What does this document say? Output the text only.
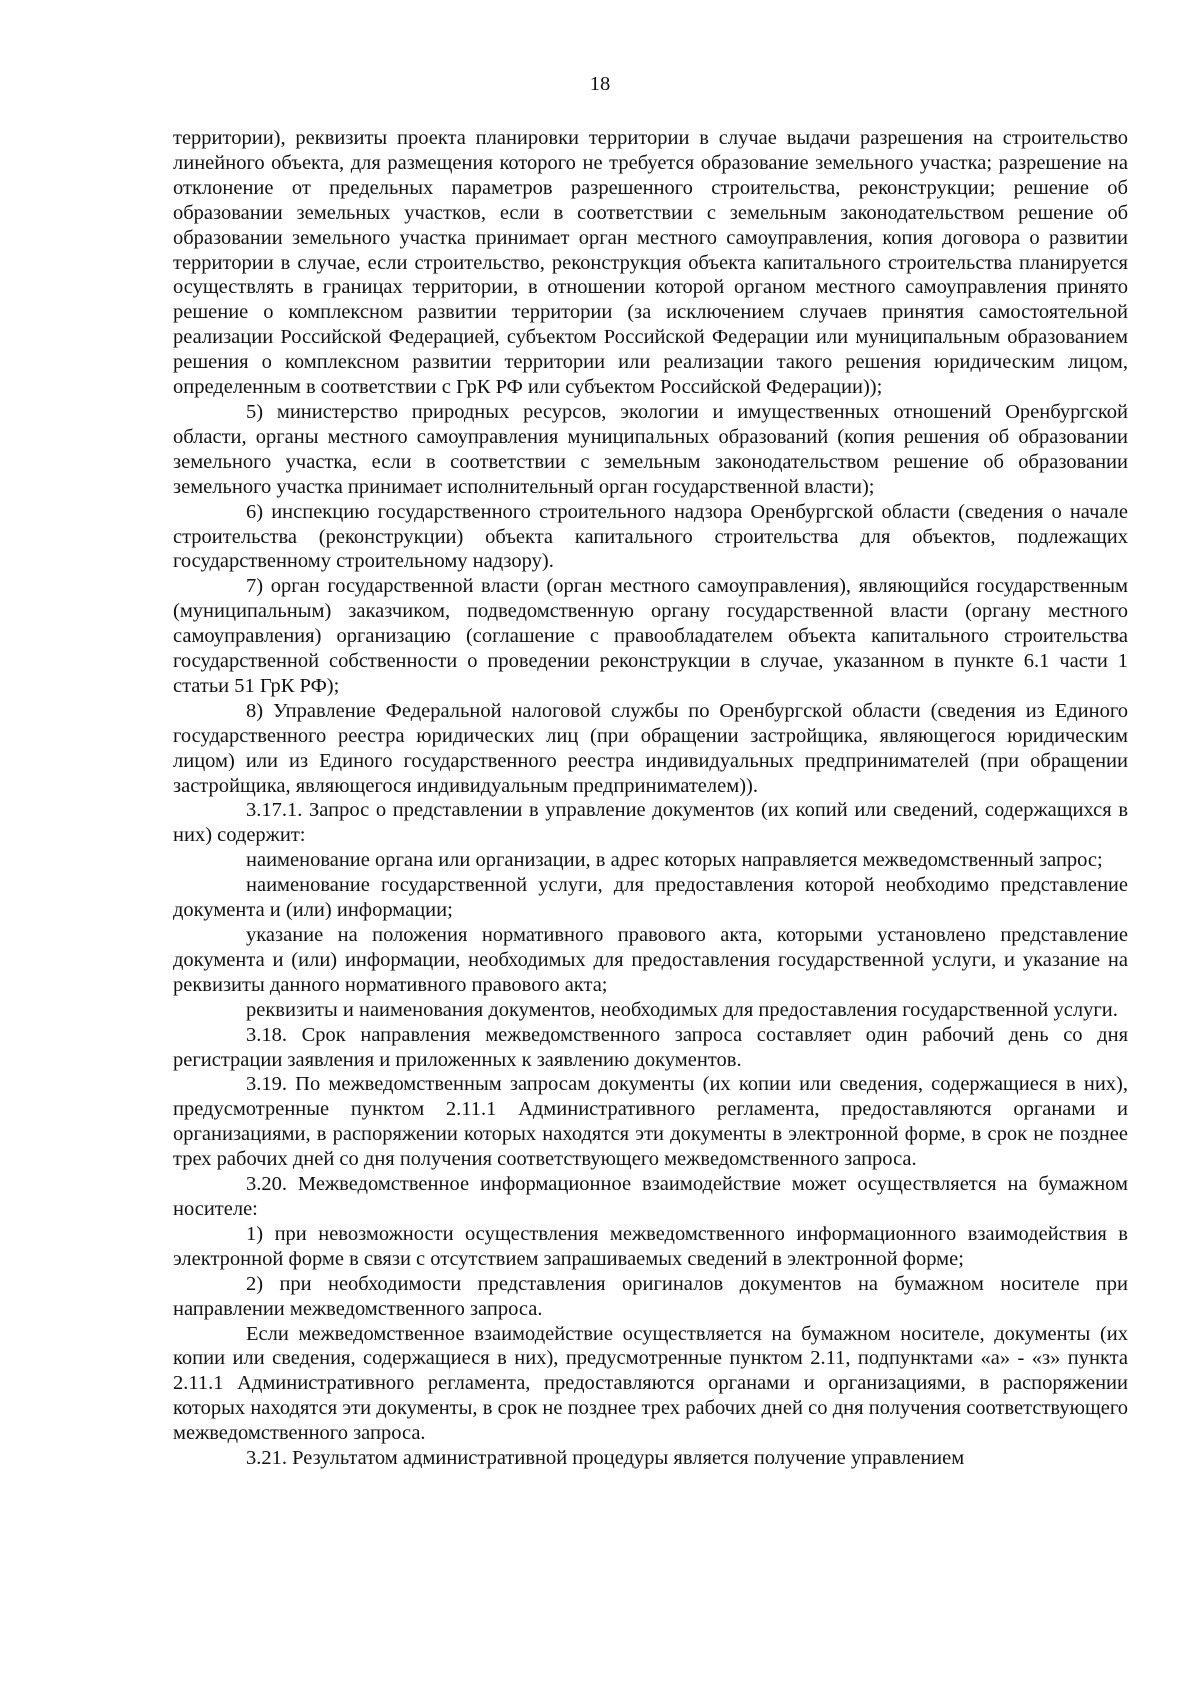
18

территории), реквизиты проекта планировки территории в случае выдачи разрешения на строительство линейного объекта, для размещения которого не требуется образование земельного участка; разрешение на отклонение от предельных параметров разрешенного строительства, реконструкции; решение об образовании земельных участков, если в соответствии с земельным законодательством решение об образовании земельного участка принимает орган местного самоуправления, копия договора о развитии территории в случае, если строительство, реконструкция объекта капитального строительства планируется осуществлять в границах территории, в отношении которой органом местного самоуправления принято решение о комплексном развитии территории (за исключением случаев принятия самостоятельной реализации Российской Федерацией, субъектом Российской Федерации или муниципальным образованием решения о комплексном развитии территории или реализации такого решения юридическим лицом, определенным в соответствии с ГрК РФ или субъектом Российской Федерации));

5) министерство природных ресурсов, экологии и имущественных отношений Оренбургской области, органы местного самоуправления муниципальных образований (копия решения об образовании земельного участка, если в соответствии с земельным законодательством решение об образовании земельного участка принимает исполнительный орган государственной власти);

6) инспекцию государственного строительного надзора Оренбургской области (сведения о начале строительства (реконструкции) объекта капитального строительства для объектов, подлежащих государственному строительному надзору).

7) орган государственной власти (орган местного самоуправления), являющийся государственным (муниципальным) заказчиком, подведомственную органу государственной власти (органу местного самоуправления) организацию (соглашение с правообладателем объекта капитального строительства государственной собственности о проведении реконструкции в случае, указанном в пункте 6.1 части 1 статьи 51 ГрК РФ);

8) Управление Федеральной налоговой службы по Оренбургской области (сведения из Единого государственного реестра юридических лиц (при обращении застройщика, являющегося юридическим лицом) или из Единого государственного реестра индивидуальных предпринимателей (при обращении застройщика, являющегося индивидуальным предпринимателем)).

3.17.1. Запрос о представлении в управление документов (их копий или сведений, содержащихся в них) содержит:

наименование органа или организации, в адрес которых направляется межведомственный запрос;

наименование государственной услуги, для предоставления которой необходимо представление документа и (или) информации;

указание на положения нормативного правового акта, которыми установлено представление документа и (или) информации, необходимых для предоставления государственной услуги, и указание на реквизиты данного нормативного правового акта;

реквизиты и наименования документов, необходимых для предоставления государственной услуги.

3.18. Срок направления межведомственного запроса составляет один рабочий день со дня регистрации заявления и приложенных к заявлению документов.

3.19. По межведомственным запросам документы (их копии или сведения, содержащиеся в них), предусмотренные пунктом 2.11.1 Административного регламента, предоставляются органами и организациями, в распоряжении которых находятся эти документы в электронной форме, в срок не позднее трех рабочих дней со дня получения соответствующего межведомственного запроса.

3.20. Межведомственное информационное взаимодействие может осуществляется на бумажном носителе:

1) при невозможности осуществления межведомственного информационного взаимодействия в электронной форме в связи с отсутствием запрашиваемых сведений в электронной форме;

2) при необходимости представления оригиналов документов на бумажном носителе при направлении межведомственного запроса.

Если межведомственное взаимодействие осуществляется на бумажном носителе, документы (их копии или сведения, содержащиеся в них), предусмотренные пунктом 2.11, подпунктами «а» - «з» пункта 2.11.1 Административного регламента, предоставляются органами и организациями, в распоряжении которых находятся эти документы, в срок не позднее трех рабочих дней со дня получения соответствующего межведомственного запроса.

3.21. Результатом административной процедуры является получение управлением
